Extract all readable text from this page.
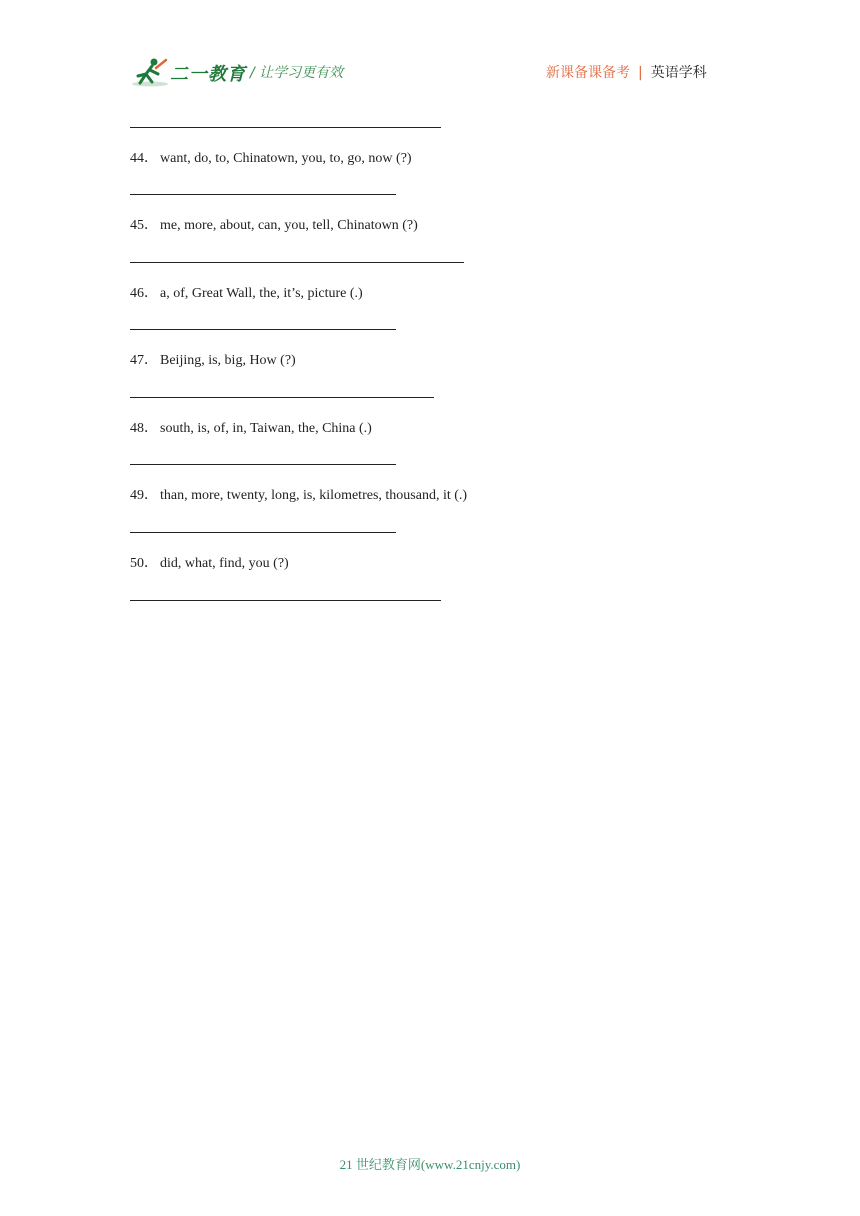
二一教育 / 让学习更有效	新课备课备考 | 英语学科
44． want, do, to, Chinatown, you, to, go, now (?)
45． me, more, about, can, you, tell, Chinatown (?)
46． a, of, Great Wall, the, it’s, picture (.)
47． Beijing, is, big, How (?)
48． south, is, of, in, Taiwan, the, China (.)
49． than, more, twenty, long, is, kilometres, thousand, it (.)
50． did, what, find, you (?)
21 世纪教育网(www.21cnjy.com)
